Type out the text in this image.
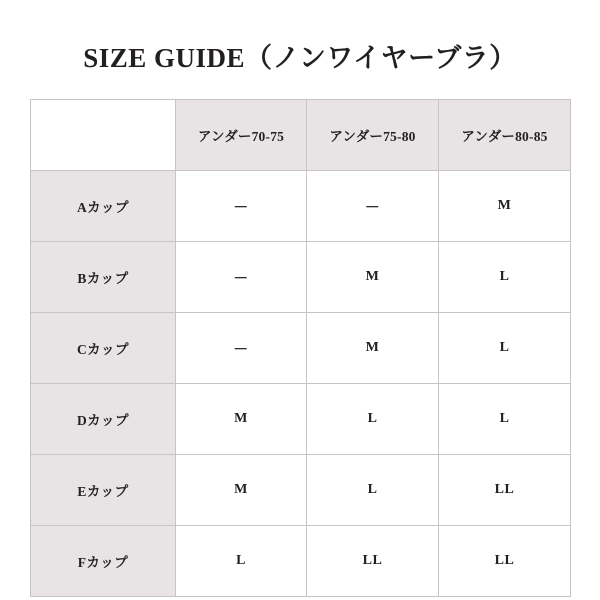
SIZE GUIDE（ノンワイヤーブラ）
	アンダー70-75	アンダー75-80	アンダー80-85
Aカップ	－	－	M
Bカップ	－	M	L
Cカップ	－	M	L
Dカップ	M	L	L
Eカップ	M	L	LL
Fカップ	L	LL	LL
